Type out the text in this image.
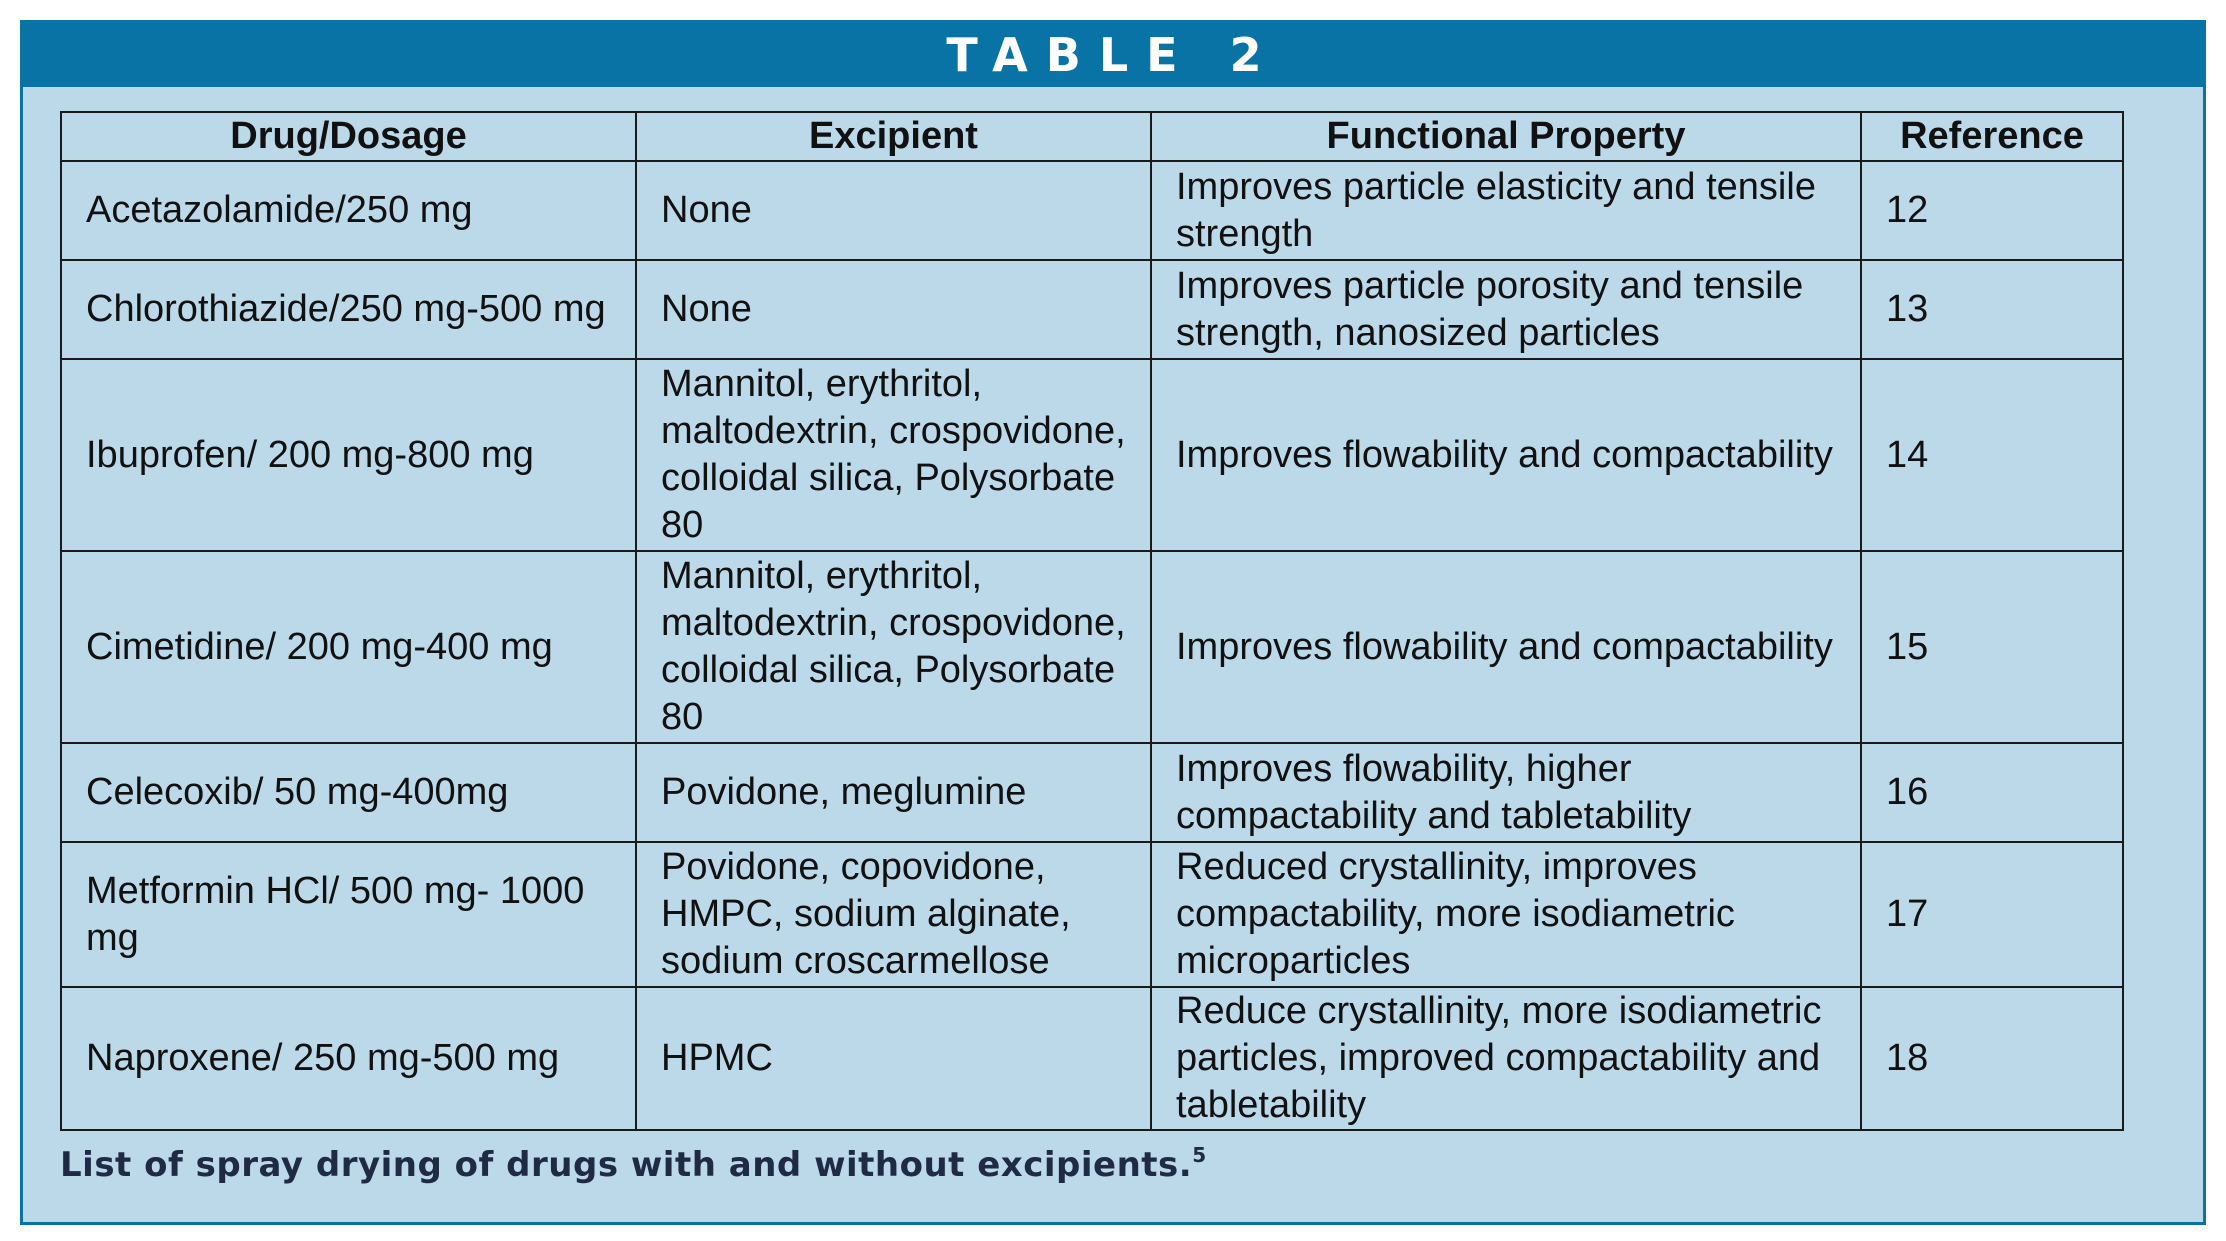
TABLE 2
Drug/Dosage	Excipient	Functional Property	Reference
Acetazolamide/250 mg	None	Improves particle elasticity and tensile strength	12
Chlorothiazide/250 mg-500 mg	None	Improves particle porosity and tensile strength, nanosized particles	13
Ibuprofen/ 200 mg-800 mg	Mannitol, erythritol, maltodextrin, crospovidone, colloidal silica, Polysorbate 80	Improves flowability and compactability	14
Cimetidine/ 200 mg-400 mg	Mannitol, erythritol, maltodextrin, crospovidone, colloidal silica, Polysorbate 80	Improves flowability and compactability	15
Celecoxib/ 50 mg-400mg	Povidone, meglumine	Improves flowability, higher compactability and tabletability	16
Metformin HCl/ 500 mg- 1000 mg	Povidone, copovidone, HMPC, sodium alginate, sodium croscarmellose	Reduced crystallinity, improves compactability, more isodiametric microparticles	17
Naproxene/ 250 mg-500 mg	HPMC	Reduce crystallinity, more isodiametric particles, improved compactability and tabletability	18
List of spray drying of drugs with and without excipients.$^5$
